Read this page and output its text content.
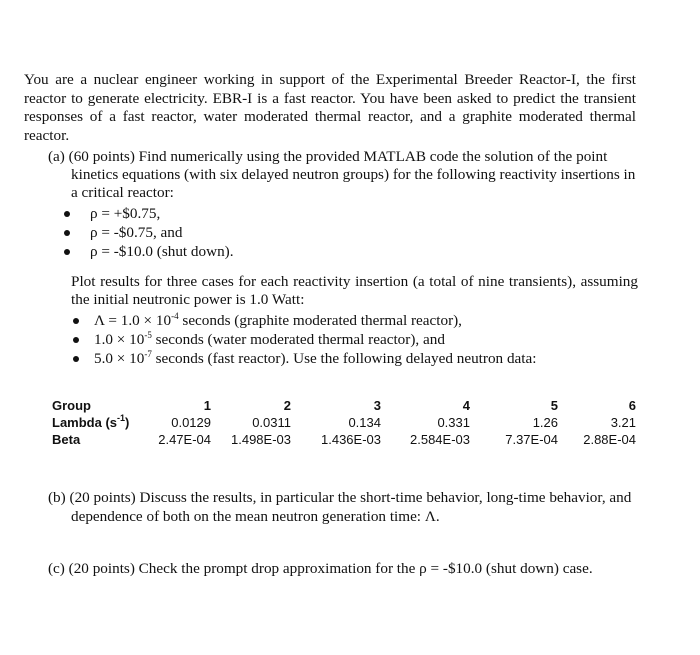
You are a nuclear engineer working in support of the Experimental Breeder Reactor-I, the first reactor to generate electricity. EBR-I is a fast reactor. You have been asked to predict the transient responses of a fast reactor, water moderated thermal reactor, and a graphite moderated thermal reactor.

(a) (60 points) Find numerically using the provided MATLAB code the solution of the point kinetics equations (with six delayed neutron groups) for the following reactivity insertions in a critical reactor:

ρ = +$0.75,
ρ = -$0.75, and
ρ = -$10.0 (shut down).

Plot results for three cases for each reactivity insertion (a total of nine transients), assuming the initial neutronic power is 1.0 Watt:

$\Lambda = 1.0 \times 10^{-4}$ seconds (graphite moderated thermal reactor),
$1.0 \times 10^{-5}$ seconds (water moderated thermal reactor), and
$5.0 \times 10^{-7}$ seconds (fast reactor). Use the following delayed neutron data:
Group	1	2	3	4	5	6
Lambda $(s^{-1})$	0.0129	0.0311	0.134	0.331	1.26	3.21
Beta	2.47E-04	1.498E-03	1.436E-03	2.584E-03	7.37E-04	2.88E-04

(b) (20 points) Discuss the results, in particular the short-time behavior, long-time behavior, and dependence of both on the mean neutron generation time: Λ.

(c) (20 points) Check the prompt drop approximation for the ρ = -$10.0 (shut down) case.
